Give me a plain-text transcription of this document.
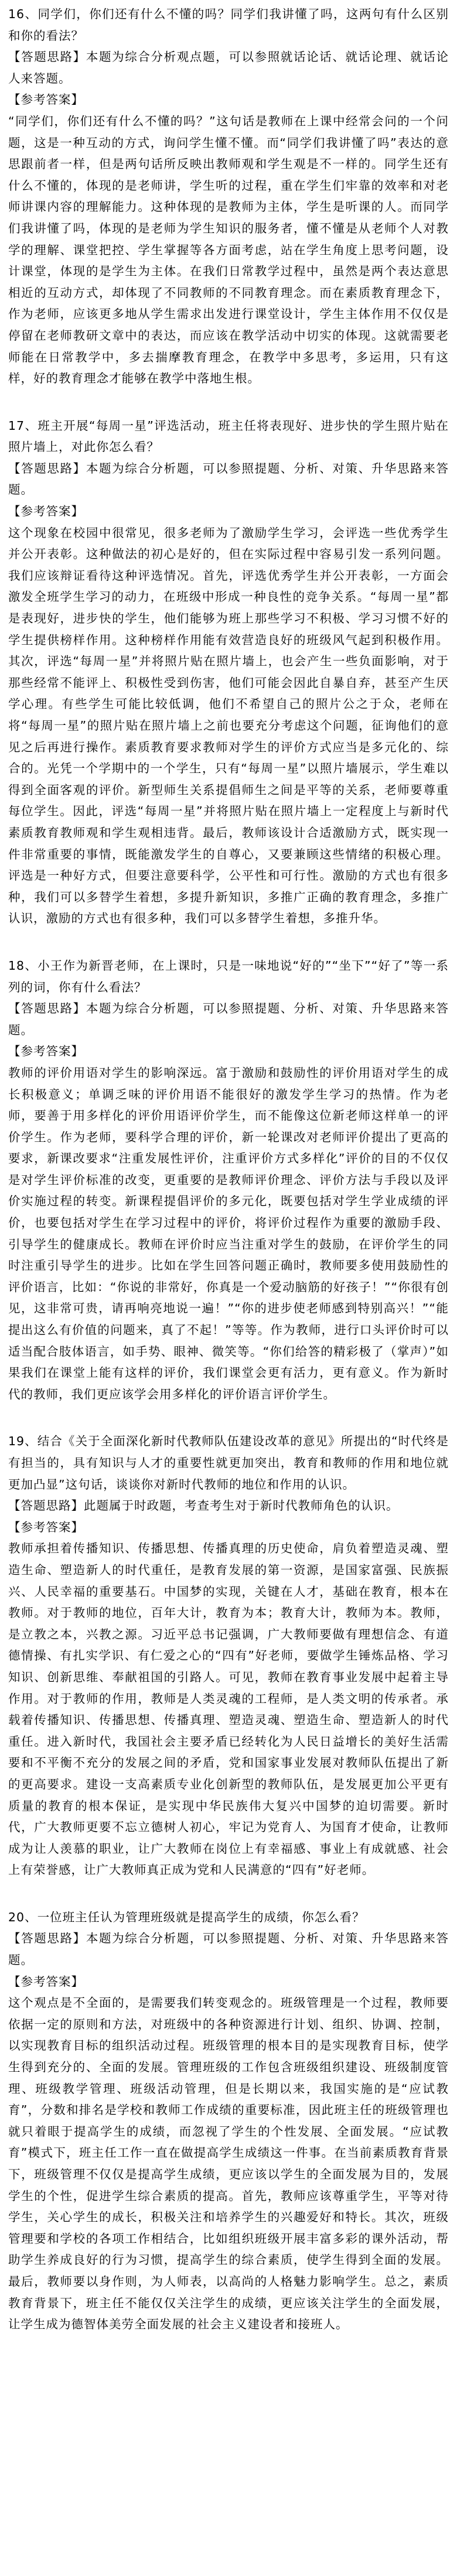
16、同学们，你们还有什么不懂的吗？同学们我讲懂了吗，这两句有什么区别和你的看法？

【答题思路】本题为综合分析观点题，可以参照就话论话、就话论理、就话论人来答题。

【参考答案】

“同学们，你们还有什么不懂的吗？”这句话是教师在上课中经常会问的一个问题，这是一种互动的方式，询问学生懂不懂。而“同学们我讲懂了吗”表达的意思跟前者一样，但是两句话所反映出教师观和学生观是不一样的。同学生还有什么不懂的，体现的是老师讲，学生听的过程，重在学生们牢靠的效率和对老师讲课内容的理解能力。这种体现的是教师为主体，学生是听课的人。而同学们我讲懂了吗，体现的是老师为学生知识的服务者，懂不懂是从老师个人对教学的理解、课堂把控、学生掌握等各方面考虑，站在学生角度上思考问题，设计课堂，体现的是学生为主体。在我们日常教学过程中，虽然是两个表达意思相近的互动方式，却体现了不同教师的不同教育理念。而在素质教育理念下，作为老师，应该更多地从学生需求出发进行课堂设计，学生主体作用不仅仅是停留在老师教研文章中的表达，而应该在教学活动中切实的体现。这就需要老师能在日常教学中，多去揣摩教育理念，在教学中多思考，多运用，只有这样，好的教育理念才能够在教学中落地生根。

17、班主开展“每周一星”评选活动，班主任将表现好、进步快的学生照片贴在照片墙上，对此你怎么看？

【答题思路】本题为综合分析题，可以参照提题、分析、对策、升华思路来答题。

【参考答案】

这个现象在校园中很常见，很多老师为了激励学生学习，会评选一些优秀学生并公开表彰。这种做法的初心是好的，但在实际过程中容易引发一系列问题。我们应该辩证看待这种评选情况。首先，评选优秀学生并公开表彰，一方面会激发全班学生学习的动力，在班级中形成一种良性的竞争关系。“每周一星”都是表现好，进步快的学生，他们能够为班上那些学习不积极、学习习惯不好的学生提供榜样作用。这种榜样作用能有效营造良好的班级风气起到积极作用。其次，评选“每周一星”并将照片贴在照片墙上，也会产生一些负面影响，对于那些经常不能评上、积极性受到伤害，他们可能会因此自暴自弃，甚至产生厌学心理。有些学生可能比较低调，他们不希望自己的照片公之于众，老师在将“每周一星”的照片贴在照片墙上之前也要充分考虑这个问题，征询他们的意见之后再进行操作。素质教育要求教师对学生的评价方式应当是多元化的、综合的。光凭一个学期中的一个学生，只有“每周一星”以照片墙展示，学生难以得到全面客观的评价。新型师生关系提倡师生之间是平等的关系，老师要尊重每位学生。因此，评选“每周一星”并将照片贴在照片墙上一定程度上与新时代素质教育教师观和学生观相违背。最后，教师该设计合适激励方式，既实现一件非常重要的事情，既能激发学生的自尊心，又要兼顾这些情绪的积极心理。评选是一种好方式，但要注意要科学，公平性和可行性。激励的方式也有很多种，我们可以多替学生着想，多提升新知识，多推广正确的教育理念，多推广认识，激励的方式也有很多种，我们可以多替学生着想，多推升华。

18、小王作为新晋老师，在上课时，只是一味地说“好的”“坐下”“好了”等一系列的词，你有什么看法？

【答题思路】本题为综合分析题，可以参照提题、分析、对策、升华思路来答题。

【参考答案】

教师的评价用语对学生的影响深远。富于激励和鼓励性的评价用语对学生的成长积极意义；单调乏味的评价用语不能很好的激发学生学习的热情。作为老师，要善于用多样化的评价用语评价学生，而不能像这位新老师这样单一的评价学生。作为老师，要科学合理的评价，新一轮课改对老师评价提出了更高的要求，新课改要求“注重发展性评价，注重评价方式多样化”评价的目的不仅仅是对学生评价标准的改变，更重要的是教师评价理念、评价方法与手段以及评价实施过程的转变。新课程提倡评价的多元化，既要包括对学生学业成绩的评价，也要包括对学生在学习过程中的评价，将评价过程作为重要的激励手段、引导学生的健康成长。教师在评价时应当注重对学生的鼓励，在评价学生的同时注重引导学生的进步。比如在学生回答问题正确时，教师要多使用鼓励性的评价语言，比如：“你说的非常好，你真是一个爱动脑筋的好孩子！”“你很有创见，这非常可贵，请再响亮地说一遍！”“你的进步使老师感到特别高兴！”“能提出这么有价值的问题来，真了不起！”等等。作为教师，进行口头评价时可以适当配合肢体语言，如手势、眼神、微笑等。“你们给答的精彩极了（掌声）”如果我们在课堂上能有这样的评价，我们课堂会更有活力，更有意义。作为新时代的教师，我们更应该学会用多样化的评价语言评价学生。

19、结合《关于全面深化新时代教师队伍建设改革的意见》所提出的“时代终是有担当的，具有知识与人才的重要性就更加突出，教育和教师的作用和地位就更加凸显”这句话，谈谈你对新时代教师的地位和作用的认识。

【答题思路】此题属于时政题，考查考生对于新时代教师角色的认识。

【参考答案】

教师承担着传播知识、传播思想、传播真理的历史使命，肩负着塑造灵魂、塑造生命、塑造新人的时代重任，是教育发展的第一资源，是国家富强、民族振兴、人民幸福的重要基石。中国梦的实现，关键在人才，基础在教育，根本在教师。对于教师的地位，百年大计，教育为本；教育大计，教师为本。教师，是立教之本，兴教之源。习近平总书记强调，广大教师要做有理想信念、有道德情操、有扎实学识、有仁爱之心的“四有”好老师，要做学生锤炼品格、学习知识、创新思维、奉献祖国的引路人。可见，教师在教育事业发展中起着主导作用。对于教师的作用，教师是人类灵魂的工程师，是人类文明的传承者。承载着传播知识、传播思想、传播真理、塑造灵魂、塑造生命、塑造新人的时代重任。进入新时代，我国社会主要矛盾已经转化为人民日益增长的美好生活需要和不平衡不充分的发展之间的矛盾，党和国家事业发展对教师队伍提出了新的更高要求。建设一支高素质专业化创新型的教师队伍，是发展更加公平更有质量的教育的根本保证，是实现中华民族伟大复兴中国梦的迫切需要。新时代，广大教师更要不忘立德树人初心，牢记为党育人、为国育才使命，让教师成为让人羡慕的职业，让广大教师在岗位上有幸福感、事业上有成就感、社会上有荣誉感，让广大教师真正成为党和人民满意的“四有”好老师。

20、一位班主任认为管理班级就是提高学生的成绩，你怎么看？

【答题思路】本题为综合分析题，可以参照提题、分析、对策、升华思路来答题。

【参考答案】

这个观点是不全面的，是需要我们转变观念的。班级管理是一个过程，教师要依据一定的原则和方法，对班级中的各种资源进行计划、组织、协调、控制，以实现教育目标的组织活动过程。班级管理的根本目的是实现教育目标，使学生得到充分的、全面的发展。管理班级的工作包含班级组织建设、班级制度管理、班级教学管理、班级活动管理，但是长期以来，我国实施的是“应试教育”，分数和排名是学校和教师工作成绩的重要标准，因此班主任的班级管理也就只着眼于提高学生的成绩，而忽视了学生的个性发展、全面发展。“应试教育”模式下，班主任工作一直在做提高学生成绩这一件事。在当前素质教育背景下，班级管理不仅仅是提高学生成绩，更应该以学生的全面发展为目的，发展学生的个性，促进学生综合素质的提高。首先，教师应该尊重学生，平等对待学生，关心学生的成长，积极关注和培养学生的兴趣爱好和特长。其次，班级管理要和学校的各项工作相结合，比如组织班级开展丰富多彩的课外活动，帮助学生养成良好的行为习惯，提高学生的综合素质，使学生得到全面的发展。最后，教师要以身作则，为人师表，以高尚的人格魅力影响学生。总之，素质教育背景下，班主任不能仅仅关注学生的成绩，更应该关注学生的全面发展，让学生成为德智体美劳全面发展的社会主义建设者和接班人。
